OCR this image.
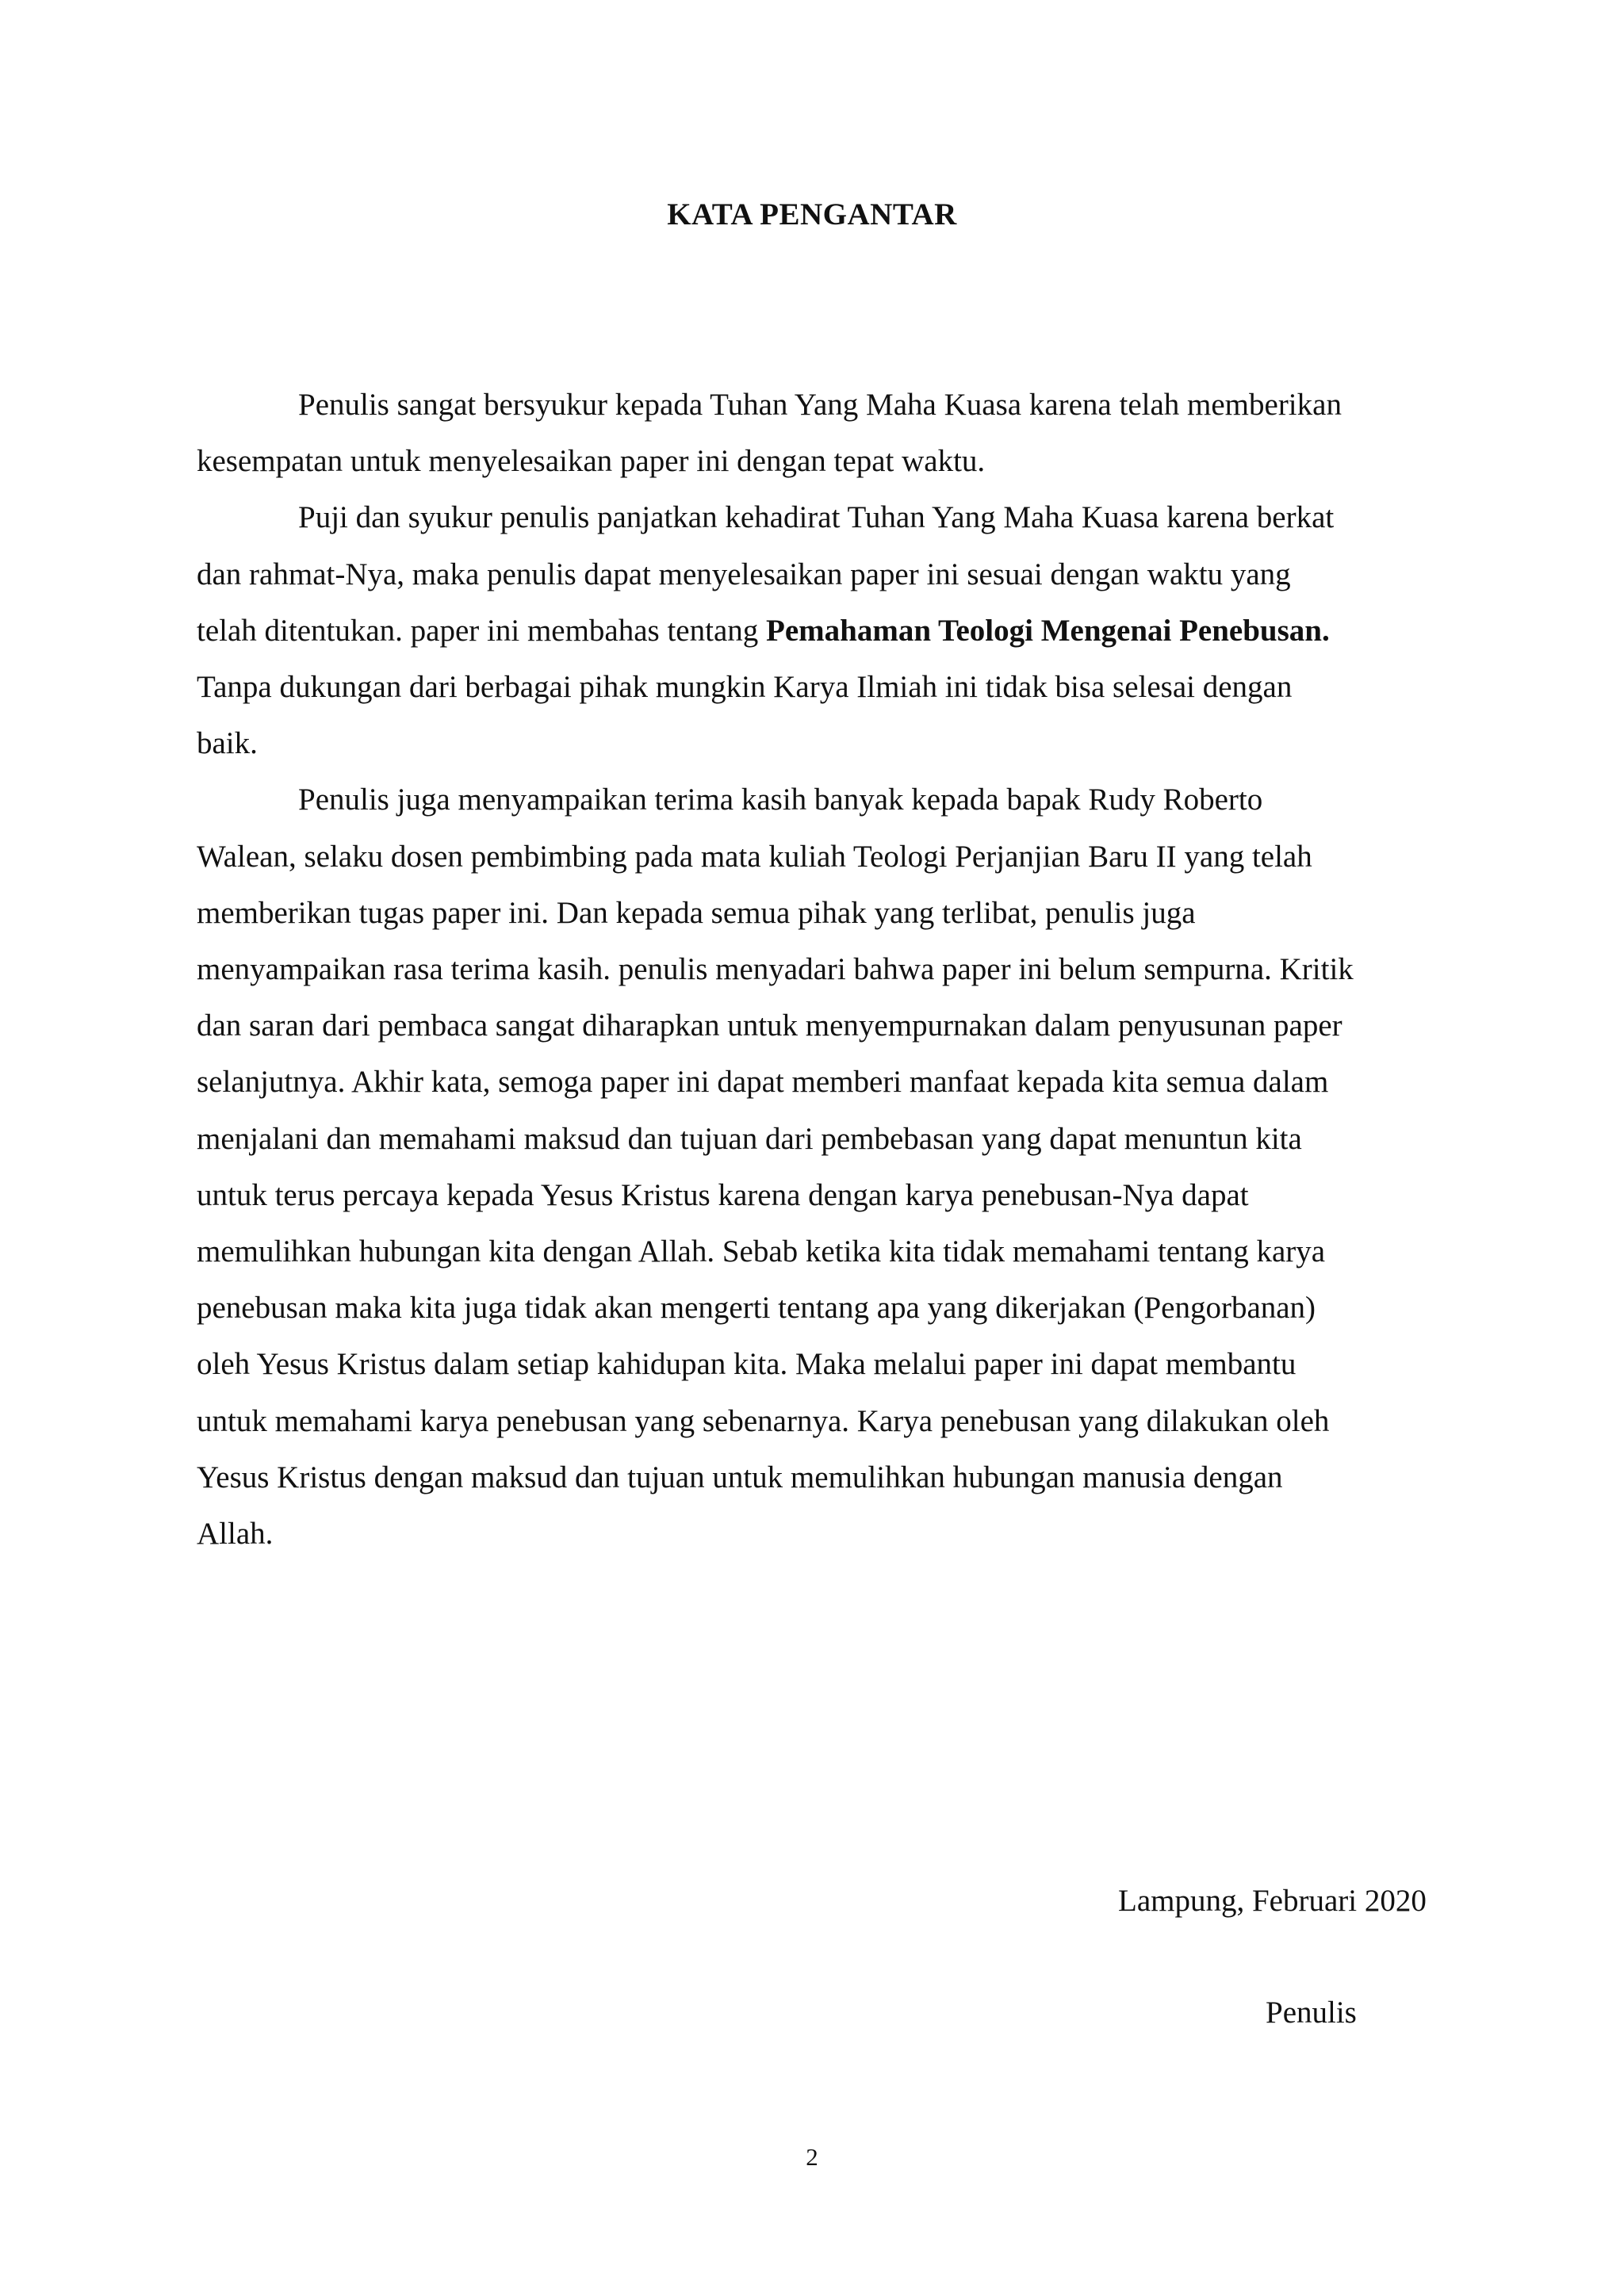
KATA PENGANTAR
Penulis sangat bersyukur kepada Tuhan Yang Maha Kuasa karena telah memberikan
kesempatan untuk menyelesaikan paper ini dengan tepat waktu.
Puji dan syukur penulis panjatkan kehadirat Tuhan Yang Maha Kuasa karena berkat
dan rahmat-Nya, maka penulis dapat menyelesaikan paper ini sesuai dengan waktu yang
telah ditentukan. paper ini membahas tentang Pemahaman Teologi Mengenai Penebusan.
Tanpa dukungan dari berbagai pihak mungkin Karya Ilmiah ini tidak bisa selesai dengan
baik.
Penulis juga menyampaikan terima kasih banyak kepada bapak Rudy Roberto
Walean, selaku dosen pembimbing pada mata kuliah Teologi Perjanjian Baru II yang telah
memberikan tugas paper ini. Dan kepada semua pihak yang terlibat, penulis juga
menyampaikan rasa terima kasih. penulis menyadari bahwa paper ini belum sempurna. Kritik
dan saran dari pembaca sangat diharapkan untuk menyempurnakan dalam penyusunan paper
selanjutnya. Akhir kata, semoga paper ini dapat memberi manfaat kepada kita semua dalam
menjalani dan memahami maksud dan tujuan dari pembebasan yang dapat menuntun kita
untuk terus percaya kepada Yesus Kristus karena dengan karya penebusan-Nya dapat
memulihkan hubungan kita dengan Allah. Sebab ketika kita tidak memahami tentang karya
penebusan maka kita juga tidak akan mengerti tentang apa yang dikerjakan (Pengorbanan)
oleh Yesus Kristus dalam setiap kahidupan kita. Maka melalui paper ini dapat membantu
untuk memahami karya penebusan yang sebenarnya. Karya penebusan yang dilakukan oleh
Yesus Kristus dengan maksud dan tujuan untuk memulihkan hubungan manusia dengan
Allah.
Lampung, Februari 2020
Penulis
2
